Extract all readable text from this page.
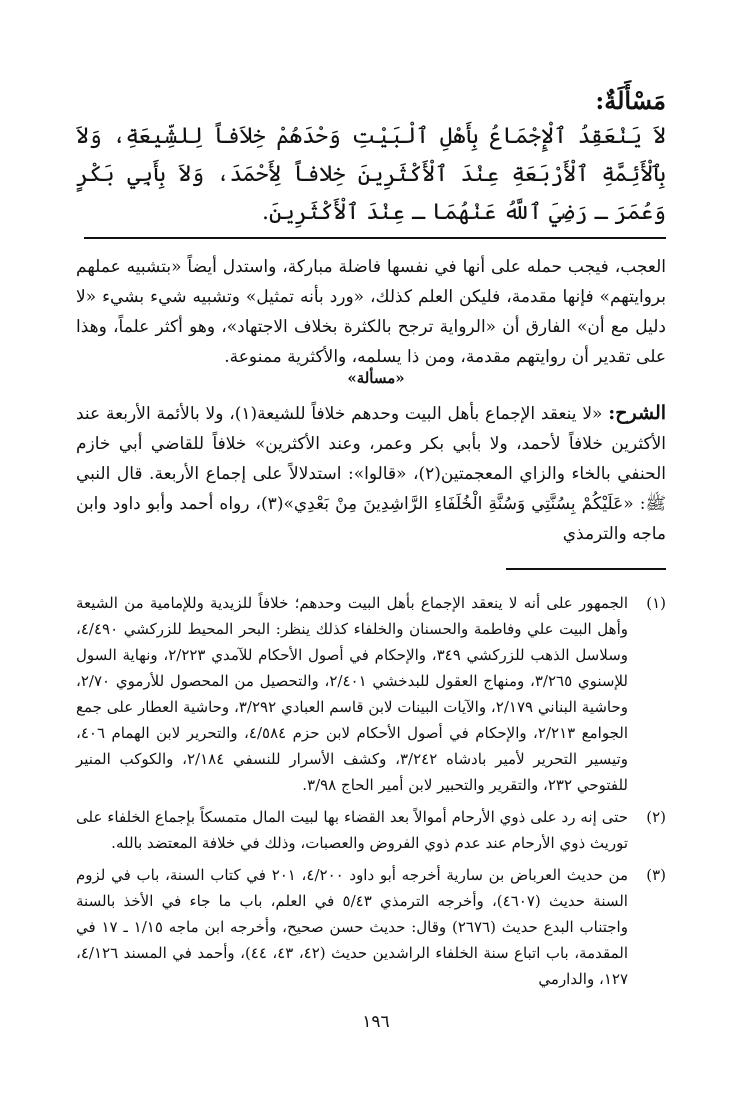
مَسْأَلَةٌ:

لاَ يَنْعَقِدُ ٱلْإِجْمَاعُ بِأَهْلِ ٱلْبَيْتِ وَحْدَهُمْ خِلاَفاً لِلشِّيعَةِ، وَلاَ بِٱلْأَئِمَّةِ ٱلْأَرْبَعَةِ عِنْدَ ٱلْأَكْثَرِينَ خِلافاً لِأَحْمَدَ، وَلاَ بِأَبِي بَكْرٍ وَعُمَرَ ـ رَضِيَ ٱللَّهُ عَنْهُمَا ـ عِنْدَ ٱلْأَكْثَرِينَ.

العجب، فيجب حمله على أنها في نفسها فاضلة مباركة، واستدل أيضاً «بتشبيه عملهم بروايتهم» فإنها مقدمة، فليكن العلم كذلك، «ورد بأنه تمثيل» وتشبيه شيء بشيء «لا دليل مع أن» الفارق أن «الرواية ترجح بالكثرة بخلاف الاجتهاد»، وهو أكثر علماً، وهذا على تقدير أن روايتهم مقدمة، ومن ذا يسلمه، والأكثرية ممنوعة.

«مسألة»

الشرح: «لا ينعقد الإجماع بأهل البيت وحدهم خلافاً للشيعة(١)، ولا بالأئمة الأربعة عند الأكثرين خلافاً لأحمد، ولا بأبي بكر وعمر، وعند الأكثرين» خلافاً للقاضي أبي خازم الحنفي بالخاء والزاي المعجمتين(٢)، «قالوا»: استدلالاً على إجماع الأربعة. قال النبي ﷺ: «عَلَيْكُمْ بِسُنَّتِي وَسُنَّةِ الْخُلَفَاءِ الرَّاشِدِينَ مِنْ بَعْدِي»(٣)، رواه أحمد وأبو داود وابن ماجه والترمذي

(١)
الجمهور على أنه لا ينعقد الإجماع بأهل البيت وحدهم؛ خلافاً للزيدية وللإمامية من الشيعة وأهل البيت علي وفاطمة والحسنان والخلفاء كذلك ينظر: البحر المحيط للزركشي ٤/٤٩٠، وسلاسل الذهب للزركشي ٣٤٩، والإحكام في أصول الأحكام للآمدي ٢/٢٢٣، ونهاية السول للإسنوي ٣/٢٦٥، ومنهاج العقول للبدخشي ٢/٤٠١، والتحصيل من المحصول للأرموي ٢/٧٠، وحاشية البناني ٢/١٧٩، والآيات البينات لابن قاسم العبادي ٣/٢٩٢، وحاشية العطار على جمع الجوامع ٢/٢١٣، والإحكام في أصول الأحكام لابن حزم ٤/٥٨٤، والتحرير لابن الهمام ٤٠٦، وتيسير التحرير لأمير بادشاه ٣/٢٤٢، وكشف الأسرار للنسفي ٢/١٨٤، والكوكب المنير للفتوحي ٢٣٢، والتقرير والتحبير لابن أمير الحاج ٣/٩٨.
(٢)
حتى إنه رد على ذوي الأرحام أموالاً بعد القضاء بها لبيت المال متمسكاً بإجماع الخلفاء على توريث ذوي الأرحام عند عدم ذوي الفروض والعصبات، وذلك في خلافة المعتضد بالله.
(٣)
من حديث العرباض بن سارية أخرجه أبو داود ٤/٢٠٠، ٢٠١ في كتاب السنة، باب في لزوم السنة حديث (٤٦٠٧)، وأخرجه الترمذي ٥/٤٣ في العلم، باب ما جاء في الأخذ بالسنة واجتناب البدع حديث (٢٦٧٦) وقال: حديث حسن صحيح، وأخرجه ابن ماجه ١/١٥ ـ ١٧ في المقدمة، باب اتباع سنة الخلفاء الراشدين حديث (٤٢، ٤٣، ٤٤)، وأحمد في المسند ٤/١٢٦، ١٢٧، والدارمي

١٩٦
